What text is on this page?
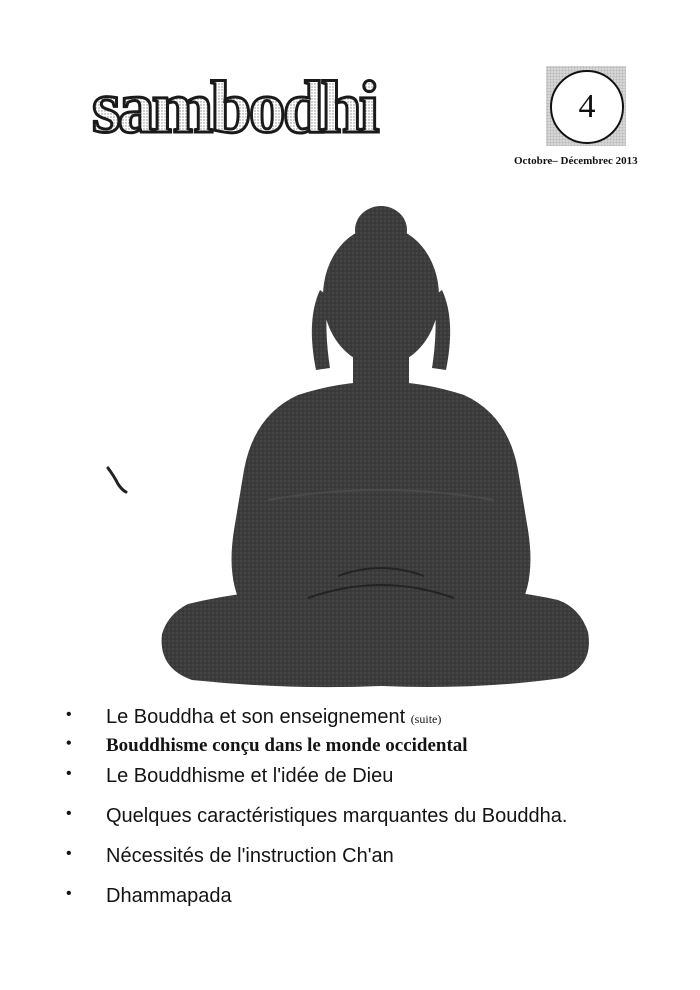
sambodhi	4
Octobre– Décembrec 2013
• Le Bouddha et son enseignement (suite)
• Bouddhisme conçu dans le monde occidental
• Le Bouddhisme et l'idée de Dieu
• Quelques caractéristiques marquantes du Bouddha.
• Nécessités de l'instruction Ch'an
• Dhammapada
